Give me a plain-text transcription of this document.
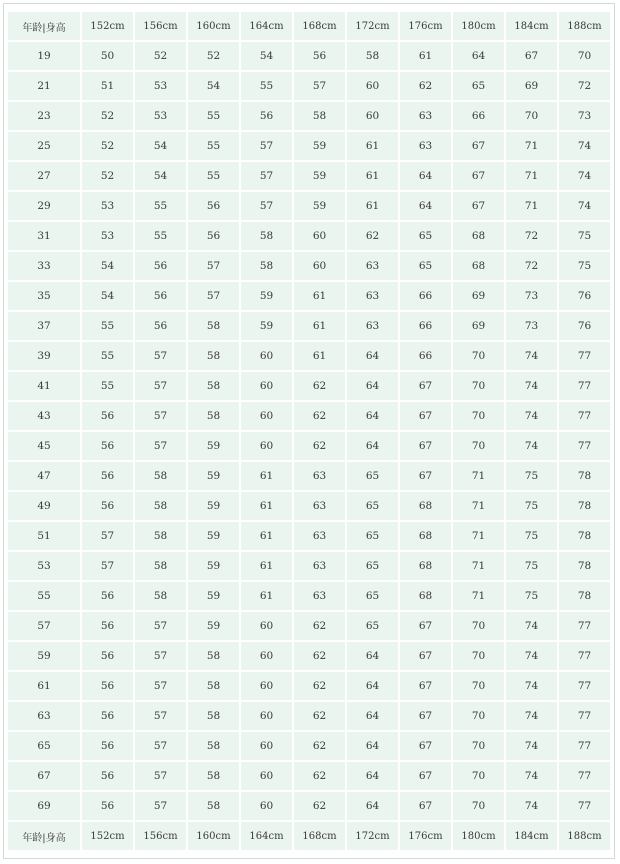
年龄|身高	152cm	156cm	160cm	164cm	168cm	172cm	176cm	180cm	184cm	188cm
19	50	52	52	54	56	58	61	64	67	70
21	51	53	54	55	57	60	62	65	69	72
23	52	53	55	56	58	60	63	66	70	73
25	52	54	55	57	59	61	63	67	71	74
27	52	54	55	57	59	61	64	67	71	74
29	53	55	56	57	59	61	64	67	71	74
31	53	55	56	58	60	62	65	68	72	75
33	54	56	57	58	60	63	65	68	72	75
35	54	56	57	59	61	63	66	69	73	76
37	55	56	58	59	61	63	66	69	73	76
39	55	57	58	60	61	64	66	70	74	77
41	55	57	58	60	62	64	67	70	74	77
43	56	57	58	60	62	64	67	70	74	77
45	56	57	59	60	62	64	67	70	74	77
47	56	58	59	61	63	65	67	71	75	78
49	56	58	59	61	63	65	68	71	75	78
51	57	58	59	61	63	65	68	71	75	78
53	57	58	59	61	63	65	68	71	75	78
55	56	58	59	61	63	65	68	71	75	78
57	56	57	59	60	62	65	67	70	74	77
59	56	57	58	60	62	64	67	70	74	77
61	56	57	58	60	62	64	67	70	74	77
63	56	57	58	60	62	64	67	70	74	77
65	56	57	58	60	62	64	67	70	74	77
67	56	57	58	60	62	64	67	70	74	77
69	56	57	58	60	62	64	67	70	74	77
年龄|身高	152cm	156cm	160cm	164cm	168cm	172cm	176cm	180cm	184cm	188cm
